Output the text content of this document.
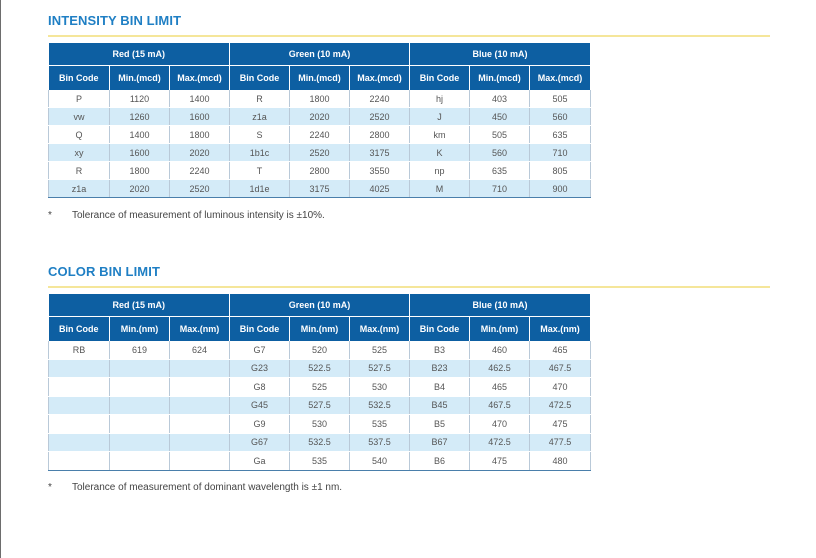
INTENSITY BIN LIMIT
Red (15 mA)			Green (10 mA)			Blue (10 mA)		
Bin Code	Min.(mcd)	Max.(mcd)	Bin Code	Min.(mcd)	Max.(mcd)	Bin Code	Min.(mcd)	Max.(mcd)
P	1120	1400	R	1800	2240	hj	403	505
vw	1260	1600	z1a	2020	2520	J	450	560
Q	1400	1800	S	2240	2800	km	505	635
xy	1600	2020	1b1c	2520	3175	K	560	710
R	1800	2240	T	2800	3550	np	635	805
z1a	2020	2520	1d1e	3175	4025	M	710	900
* Tolerance of measurement of luminous intensity is ±10%.
COLOR BIN LIMIT
Red (15 mA)			Green (10 mA)			Blue (10 mA)		
Bin Code	Min.(nm)	Max.(nm)	Bin Code	Min.(nm)	Max.(nm)	Bin Code	Min.(nm)	Max.(nm)
RB	619	624	G7	520	525	B3	460	465
			G23	522.5	527.5	B23	462.5	467.5
			G8	525	530	B4	465	470
			G45	527.5	532.5	B45	467.5	472.5
			G9	530	535	B5	470	475
			G67	532.5	537.5	B67	472.5	477.5
			Ga	535	540	B6	475	480
* Tolerance of measurement of dominant wavelength is ±1 nm.
